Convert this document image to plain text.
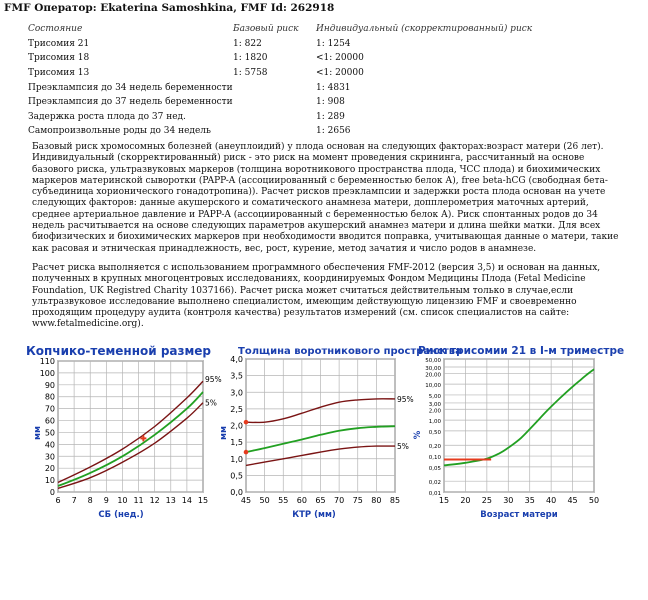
FMF Оператор: Ekaterina Samoshkina, FMF Id: 262918
Состояние	Базовый риск	Индивидуальный (скорректированный) риск
Трисомия 21	1: 822	1: 1254
Трисомия 18	1: 1820	<1: 20000
Трисомия 13	1: 5758	<1: 20000
Преэклампсия до 34 недель беременности		1: 4831
Преэклампсия до 37 недель беременности		1: 908
Задержка роста плода до 37 нед.		1: 289
Самопроизвольные роды до 34 недель		1: 2656

Базовый риск хромосомных болезней (анеуплоидий) у плода основан на следующих факторах:возраст матери (26 лет). Индивидуальный (скорректированный) риск - это риск на момент проведения скрининга, рассчитанный на основе базового риска, ультразвуковых маркеров (толщина воротникового пространства плода, ЧСС плода) и биохимических маркеров материнской сыворотки (PAPP-A (ассоциированный с беременностью белок А), free beta-hCG (свободная бета-субъединица хорионического гонадотропина)). Расчет рисков преэклампсии и задержки роста плода основан на учете следующих факторов: данные акушерского и соматического анамнеза матери, допплерометрия маточных артерий, среднее артериальное давление и PAPP-A (ассоциированный с беременностью белок А). Риск спонтанных родов до 34 недель расчитывается на основе следующих параметров акушерский анамнез матери и длина шейки матки. Для всех биофизических и биохимических маркеров при необходимости вводится поправка, учитывающая данные о матери, такие как расовая и этническая принадлежность, вес, рост, курение, метод зачатия и число родов в анамнезе.

Расчет риска выполняется с использованием программного обеспечения FMF-2012 (версия 3,5) и основан на данных, полученных в крупных многоцентровых исследованиях, координируемых Фондом Медицины Плода (Fetal Medicine Foundation, UK Registred Charity 1037166). Расчет риска может считаться действительным только в случае,если ультразвуковое исследование выполнено специалистом, имеющим действующую лицензию FMF и своевременно проходящим процедуру аудита (контроля качества) результатов измерений (см. список специалистов на сайте: www.fetalmedicine.org).

Копчико-теменной размер
95%
5%
6 7 8 9 10 11 12 13 14 15
0
10
20
30
40
50
60
70
80
90
100
110
СБ (нед.)
мм
Толщина воротникового пространства
95%
5%
45 50 55 60 65 70 75 80 85
0,0
0,5
1,0
1,5
2,0
2,5
3,0
3,5
4,0
КТР (мм)
мм
Риск трисомии 21 в I-м триместре
15 20 25 30 35 40 45 50
0,01
0,02
0,05
0,10
0,20
0,50
1,00
2,00
3,00
5,00
10,00
20,00
30,00
50,00
Возраст матери
%
